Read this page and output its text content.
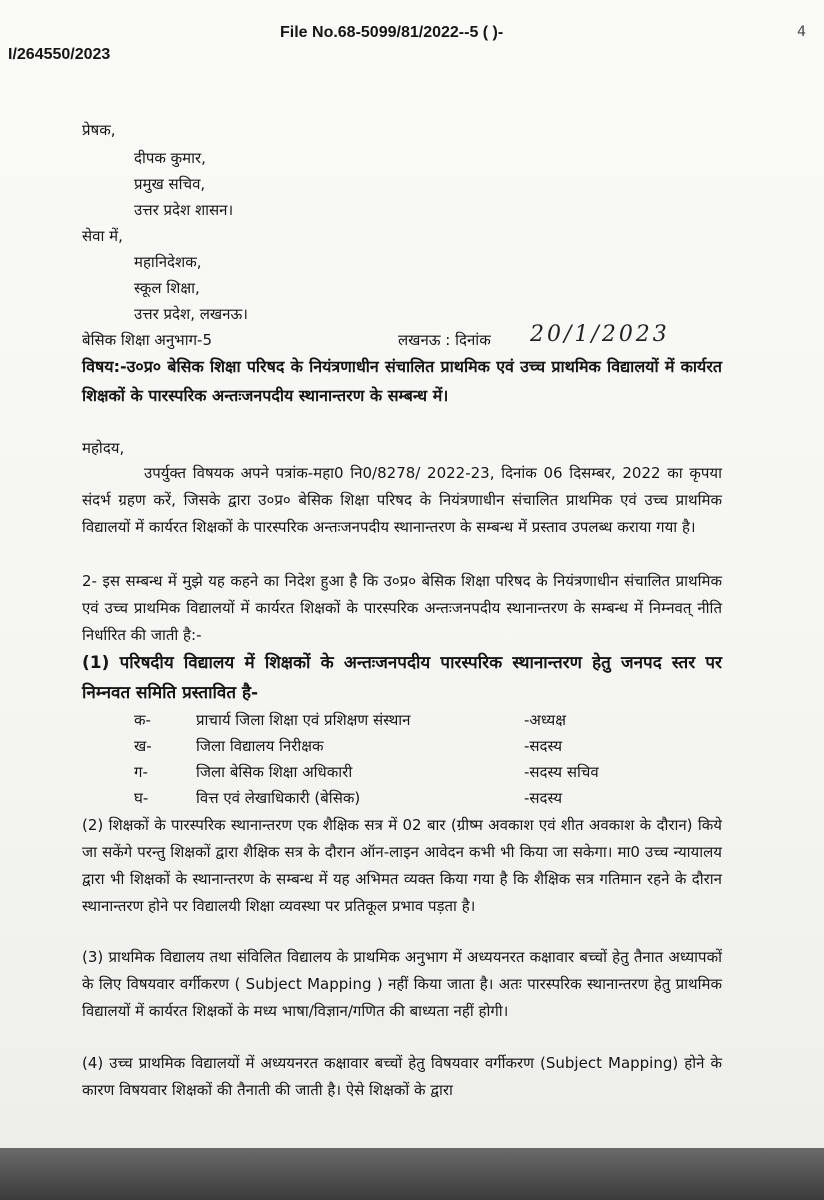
File No.68-5099/81/2022--5 ( )-	4
I/264550/2023
प्रेषक,
दीपक कुमार,
प्रमुख सचिव,
उत्तर प्रदेश शासन।
सेवा में,
महानिदेशक,
स्कूल शिक्षा,
उत्तर प्रदेश, लखनऊ।
बेसिक शिक्षा अनुभाग-5	लखनऊ : दिनांक 20/1/2023
विषय:-उ०प्र० बेसिक शिक्षा परिषद के नियंत्रणाधीन संचालित प्राथमिक एवं उच्च प्राथमिक विद्यालयों में कार्यरत शिक्षकों के पारस्परिक अन्तःजनपदीय स्थानान्तरण के सम्बन्ध में।
महोदय,
उपर्युक्त विषयक अपने पत्रांक-महा0 नि0/8278/ 2022-23, दिनांक 06 दिसम्बर, 2022 का कृपया संदर्भ ग्रहण करें, जिसके द्वारा उ०प्र० बेसिक शिक्षा परिषद के नियंत्रणाधीन संचालित प्राथमिक एवं उच्च प्राथमिक विद्यालयों में कार्यरत शिक्षकों के पारस्परिक अन्तःजनपदीय स्थानान्तरण के सम्बन्ध में प्रस्ताव उपलब्ध कराया गया है।
2- इस सम्बन्ध में मुझे यह कहने का निदेश हुआ है कि उ०प्र० बेसिक शिक्षा परिषद के नियंत्रणाधीन संचालित प्राथमिक एवं उच्च प्राथमिक विद्यालयों में कार्यरत शिक्षकों के पारस्परिक अन्तःजनपदीय स्थानान्तरण के सम्बन्ध में निम्नवत् नीति निर्धारित की जाती है:-
(1) परिषदीय विद्यालय में शिक्षकों के अन्तःजनपदीय पारस्परिक स्थानान्तरण हेतु जनपद स्तर पर निम्नवत समिति प्रस्तावित है-
क-	प्राचार्य जिला शिक्षा एवं प्रशिक्षण संस्थान	-अध्यक्ष
ख-	जिला विद्यालय निरीक्षक	-सदस्य
ग-	जिला बेसिक शिक्षा अधिकारी	-सदस्य सचिव
घ-	वित्त एवं लेखाधिकारी (बेसिक)	-सदस्य
(2) शिक्षकों के पारस्परिक स्थानान्तरण एक शैक्षिक सत्र में 02 बार (ग्रीष्म अवकाश एवं शीत अवकाश के दौरान) किये जा सकेंगे परन्तु शिक्षकों द्वारा शैक्षिक सत्र के दौरान ऑन-लाइन आवेदन कभी भी किया जा सकेगा। मा0 उच्च न्यायालय द्वारा भी शिक्षकों के स्थानान्तरण के सम्बन्ध में यह अभिमत व्यक्त किया गया है कि शैक्षिक सत्र गतिमान रहने के दौरान स्थानान्तरण होने पर विद्यालयी शिक्षा व्यवस्था पर प्रतिकूल प्रभाव पड़ता है।
(3) प्राथमिक विद्यालय तथा संविलित विद्यालय के प्राथमिक अनुभाग में अध्ययनरत कक्षावार बच्चों हेतु तैनात अध्यापकों के लिए विषयवार वर्गीकरण ( Subject Mapping ) नहीं किया जाता है। अतः पारस्परिक स्थानान्तरण हेतु प्राथमिक विद्यालयों में कार्यरत शिक्षकों के मध्य भाषा/विज्ञान/गणित की बाध्यता नहीं होगी।
(4) उच्च प्राथमिक विद्यालयों में अध्ययनरत कक्षावार बच्चों हेतु विषयवार वर्गीकरण (Subject Mapping) होने के कारण विषयवार शिक्षकों की तैनाती की जाती है। ऐसे शिक्षकों के द्वारा
